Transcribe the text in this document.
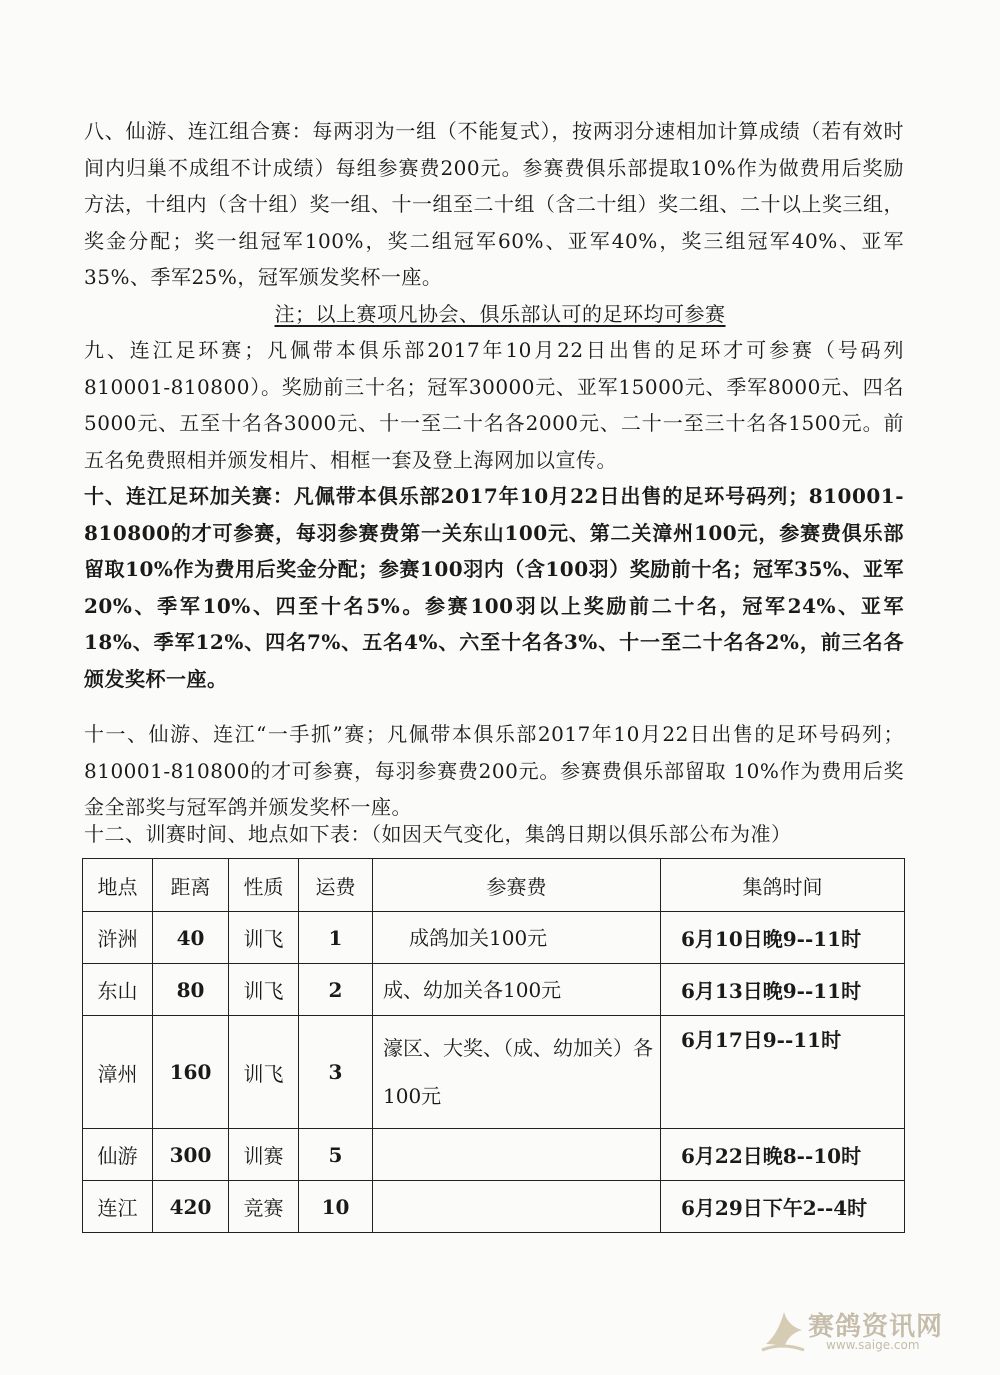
八、仙游、连江组合赛：每两羽为一组（不能复式），按两羽分速相加计算成绩（若有效时间内归巢不成组不计成绩）每组参赛费200元。参赛费俱乐部提取10%作为做费用后奖励方法，十组内（含十组）奖一组、十一组至二十组（含二十组）奖二组、二十以上奖三组，奖金分配；奖一组冠军100%，奖二组冠军60%、亚军40%，奖三组冠军40%、亚军35%、季军25%，冠军颁发奖杯一座。

注；以上赛项凡协会、俱乐部认可的足环均可参赛

九、连江足环赛；凡佩带本俱乐部2017年10月22日出售的足环才可参赛（号码列810001-810800）。奖励前三十名；冠军30000元、亚军15000元、季军8000元、四名5000元、五至十名各3000元、十一至二十名各2000元、二十一至三十名各1500元。前五名免费照相并颁发相片、相框一套及登上海网加以宣传。

十、连江足环加关赛：凡佩带本俱乐部2017年10月22日出售的足环号码列；810001-810800的才可参赛，每羽参赛费第一关东山100元、第二关漳州100元，参赛费俱乐部留取10%作为费用后奖金分配；参赛100羽内（含100羽）奖励前十名；冠军35%、亚军20%、季军10%、四至十名5%。参赛100羽以上奖励前二十名，冠军24%、亚军18%、季军12%、四名7%、五名4%、六至十名各3%、十一至二十名各2%，前三名各颁发奖杯一座。

十一、仙游、连江“一手抓”赛；凡佩带本俱乐部2017年10月22日出售的足环号码列；810001-810800的才可参赛，每羽参赛费200元。参赛费俱乐部留取 10%作为费用后奖金全部奖与冠军鸽并颁发奖杯一座。

十二、训赛时间、地点如下表：（如因天气变化，集鸽日期以俱乐部公布为准）

地点	距离	性质	运费	参赛费	集鸽时间
浒洲	40	训飞	1	成鸽加关100元	6月10日晚9--11时
东山	80	训飞	2	成、幼加关各100元	6月13日晚9--11时
漳州	160	训飞	3	濠区、大奖、（成、幼加关）各100元	6月17日9--11时
仙游	300	训赛	5		6月22日晚8--10时
连江	420	竞赛	10		6月29日下午2--4时
赛鸽资讯网
www.saige.com
